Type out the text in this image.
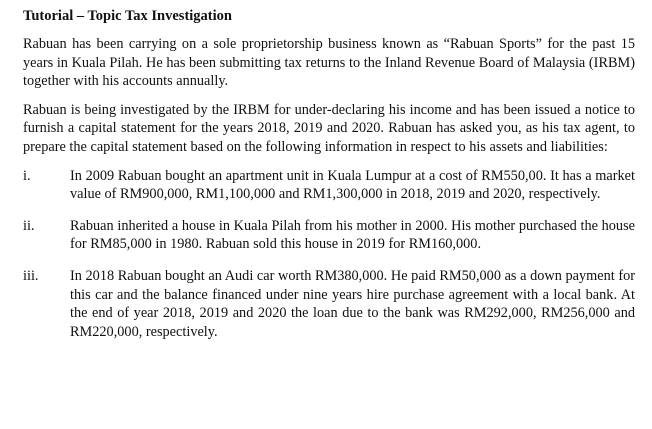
Tutorial – Topic Tax Investigation

Rabuan has been carrying on a sole proprietorship business known as “Rabuan Sports” for the past 15 years in Kuala Pilah. He has been submitting tax returns to the Inland Revenue Board of Malaysia (IRBM) together with his accounts annually.

Rabuan is being investigated by the IRBM for under-declaring his income and has been issued a notice to furnish a capital statement for the years 2018, 2019 and 2020. Rabuan has asked you, as his tax agent, to prepare the capital statement based on the following information in respect to his assets and liabilities:

i.	In 2009 Rabuan bought an apartment unit in Kuala Lumpur at a cost of RM550,00. It has a market value of RM900,000, RM1,100,000 and RM1,300,000 in 2018, 2019 and 2020, respectively.
ii.	Rabuan inherited a house in Kuala Pilah from his mother in 2000. His mother purchased the house for RM85,000 in 1980. Rabuan sold this house in 2019 for RM160,000.
iii.	In 2018 Rabuan bought an Audi car worth RM380,000. He paid RM50,000 as a down payment for this car and the balance financed under nine years hire purchase agreement with a local bank. At the end of year 2018, 2019 and 2020 the loan due to the bank was RM292,000, RM256,000 and RM220,000, respectively.
